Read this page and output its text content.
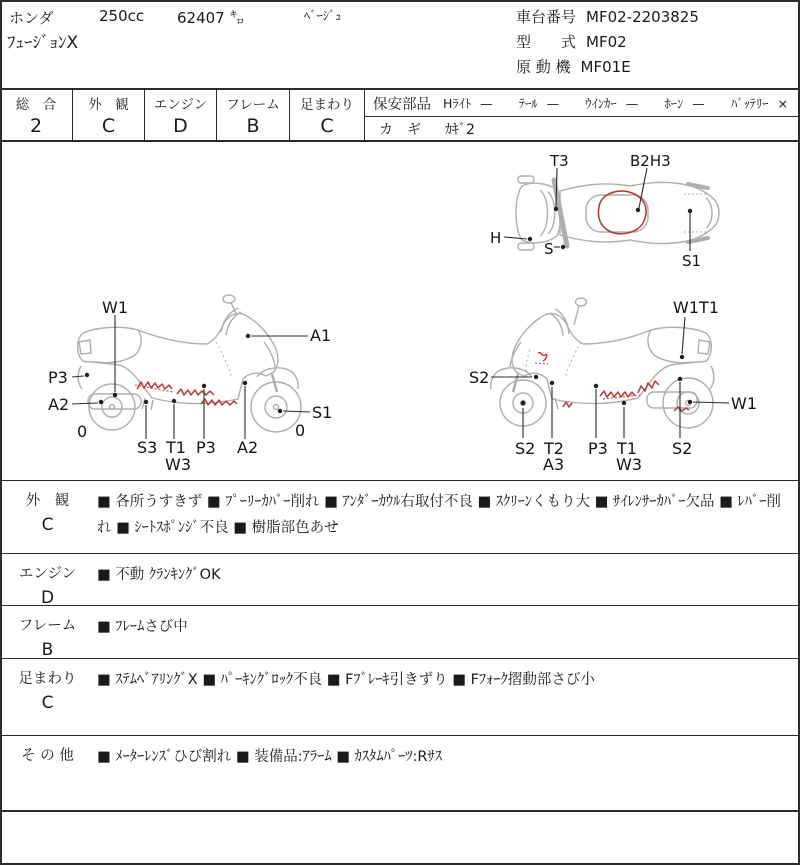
ホンダ	250cc 62407 ㌔	ﾍﾞｰｼﾞｭ
ﾌｭｰｼﾞｮﾝX
車台番号 MF02-2203825
型　　式 MF02
原 動 機 MF01E
総　合
2
外　観
C
エンジン
D
フレーム
B
足まわり
C
保安部品 Hﾗｲﾄ — ﾃｰﾙ — ｳｲﾝｶｰ — ﾎｰﾝ — ﾊﾞｯﾃﾘｰ ×
カ　ギ ｶｷﾞ2
T3	B2H3
H
S
S1
W1
A1
P3
A2	S1
0	0
S3 T1 P3 A2
W3
W1T1
S2
W1
S2 T2 P3 T1 S2
A3	W3
外　観
C
■ 各所うすきず ■ ﾌﾟｰﾘｰｶﾊﾞｰ削れ ■ ｱﾝﾀﾞｰｶｳﾙ右取付不良 ■ ｽｸﾘｰﾝくもり大 ■ ｻｲﾚﾝｻｰｶﾊﾞｰ欠品 ■ ﾚﾊﾞｰ削れ ■ ｼｰﾄｽﾎﾟﾝｼﾞ不良 ■ 樹脂部色あせ
エンジン
D
■ 不動 ｸﾗﾝｷﾝｸﾞOK
フレーム
B
■ ﾌﾚｰﾑさび中
足まわり
C
■ ｽﾃﾑﾍﾞｱﾘﾝｸﾞX ■ ﾊﾟｰｷﾝｸﾞﾛｯｸ不良 ■ Fﾌﾞﾚｰｷ引きずり ■ Fﾌｫｰｸ摺動部さび小
そ の 他	■ ﾒｰﾀｰﾚﾝｽﾞひび割れ ■ 装備品:ｱﾗｰﾑ ■ ｶｽﾀﾑﾊﾟｰﾂ:Rｻｽ
